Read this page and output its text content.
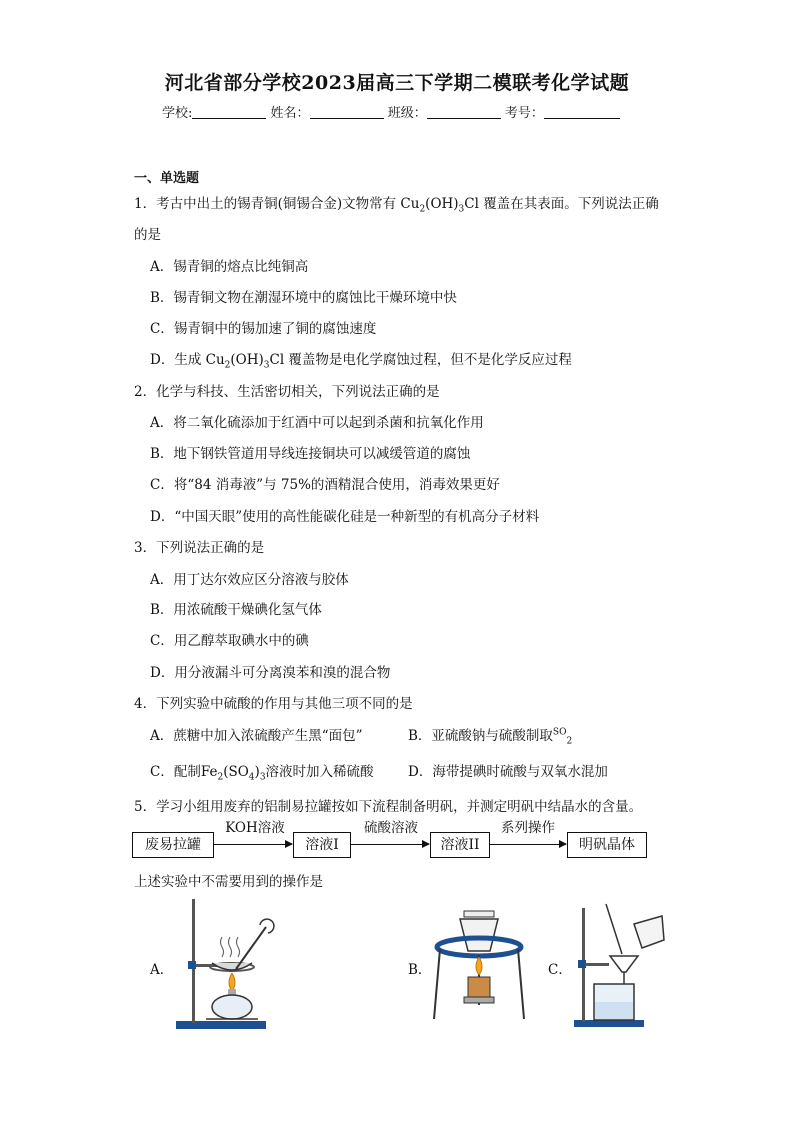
河北省部分学校2023届高三下学期二模联考化学试题
学校:	姓名：	班级：	考号：
一、单选题
1．考古中出土的锡青铜(铜锡合金)文物常有 $Cu_2(OH)_3Cl$ 覆盖在其表面。下列说法正确
的是
A．锡青铜的熔点比纯铜高
B．锡青铜文物在潮湿环境中的腐蚀比干燥环境中快
C．锡青铜中的锡加速了铜的腐蚀速度
D．生成 $Cu_2(OH)_3Cl$ 覆盖物是电化学腐蚀过程，但不是化学反应过程
2．化学与科技、生活密切相关，下列说法正确的是
A．将二氧化硫添加于红酒中可以起到杀菌和抗氧化作用
B．地下钢铁管道用导线连接铜块可以减缓管道的腐蚀
C．将“84 消毒液”与 75%的酒精混合使用，消毒效果更好
D．“中国天眼”使用的高性能碳化硅是一种新型的有机高分子材料
3．下列说法正确的是
A．用丁达尔效应区分溶液与胶体
B．用浓硫酸干燥碘化氢气体
C．用乙醇萃取碘水中的碘
D．用分液漏斗可分离溴苯和溴的混合物
4．下列实验中硫酸的作用与其他三项不同的是
A．蔗糖中加入浓硫酸产生黑“面包”	B．亚硫酸钠与硫酸制取$^{SO}_2$
C．配制$Fe_2(SO_4)_3$溶液时加入稀硫酸	D．海带提碘时硫酸与双氧水混加
5．学习小组用废弃的铝制易拉罐按如下流程制备明矾，并测定明矾中结晶水的含量。
废易拉罐
KOH溶液
溶液I
硫酸溶液
溶液II
系列操作
明矾晶体
上述实验中不需要用到的操作是
A．	B．	C．
